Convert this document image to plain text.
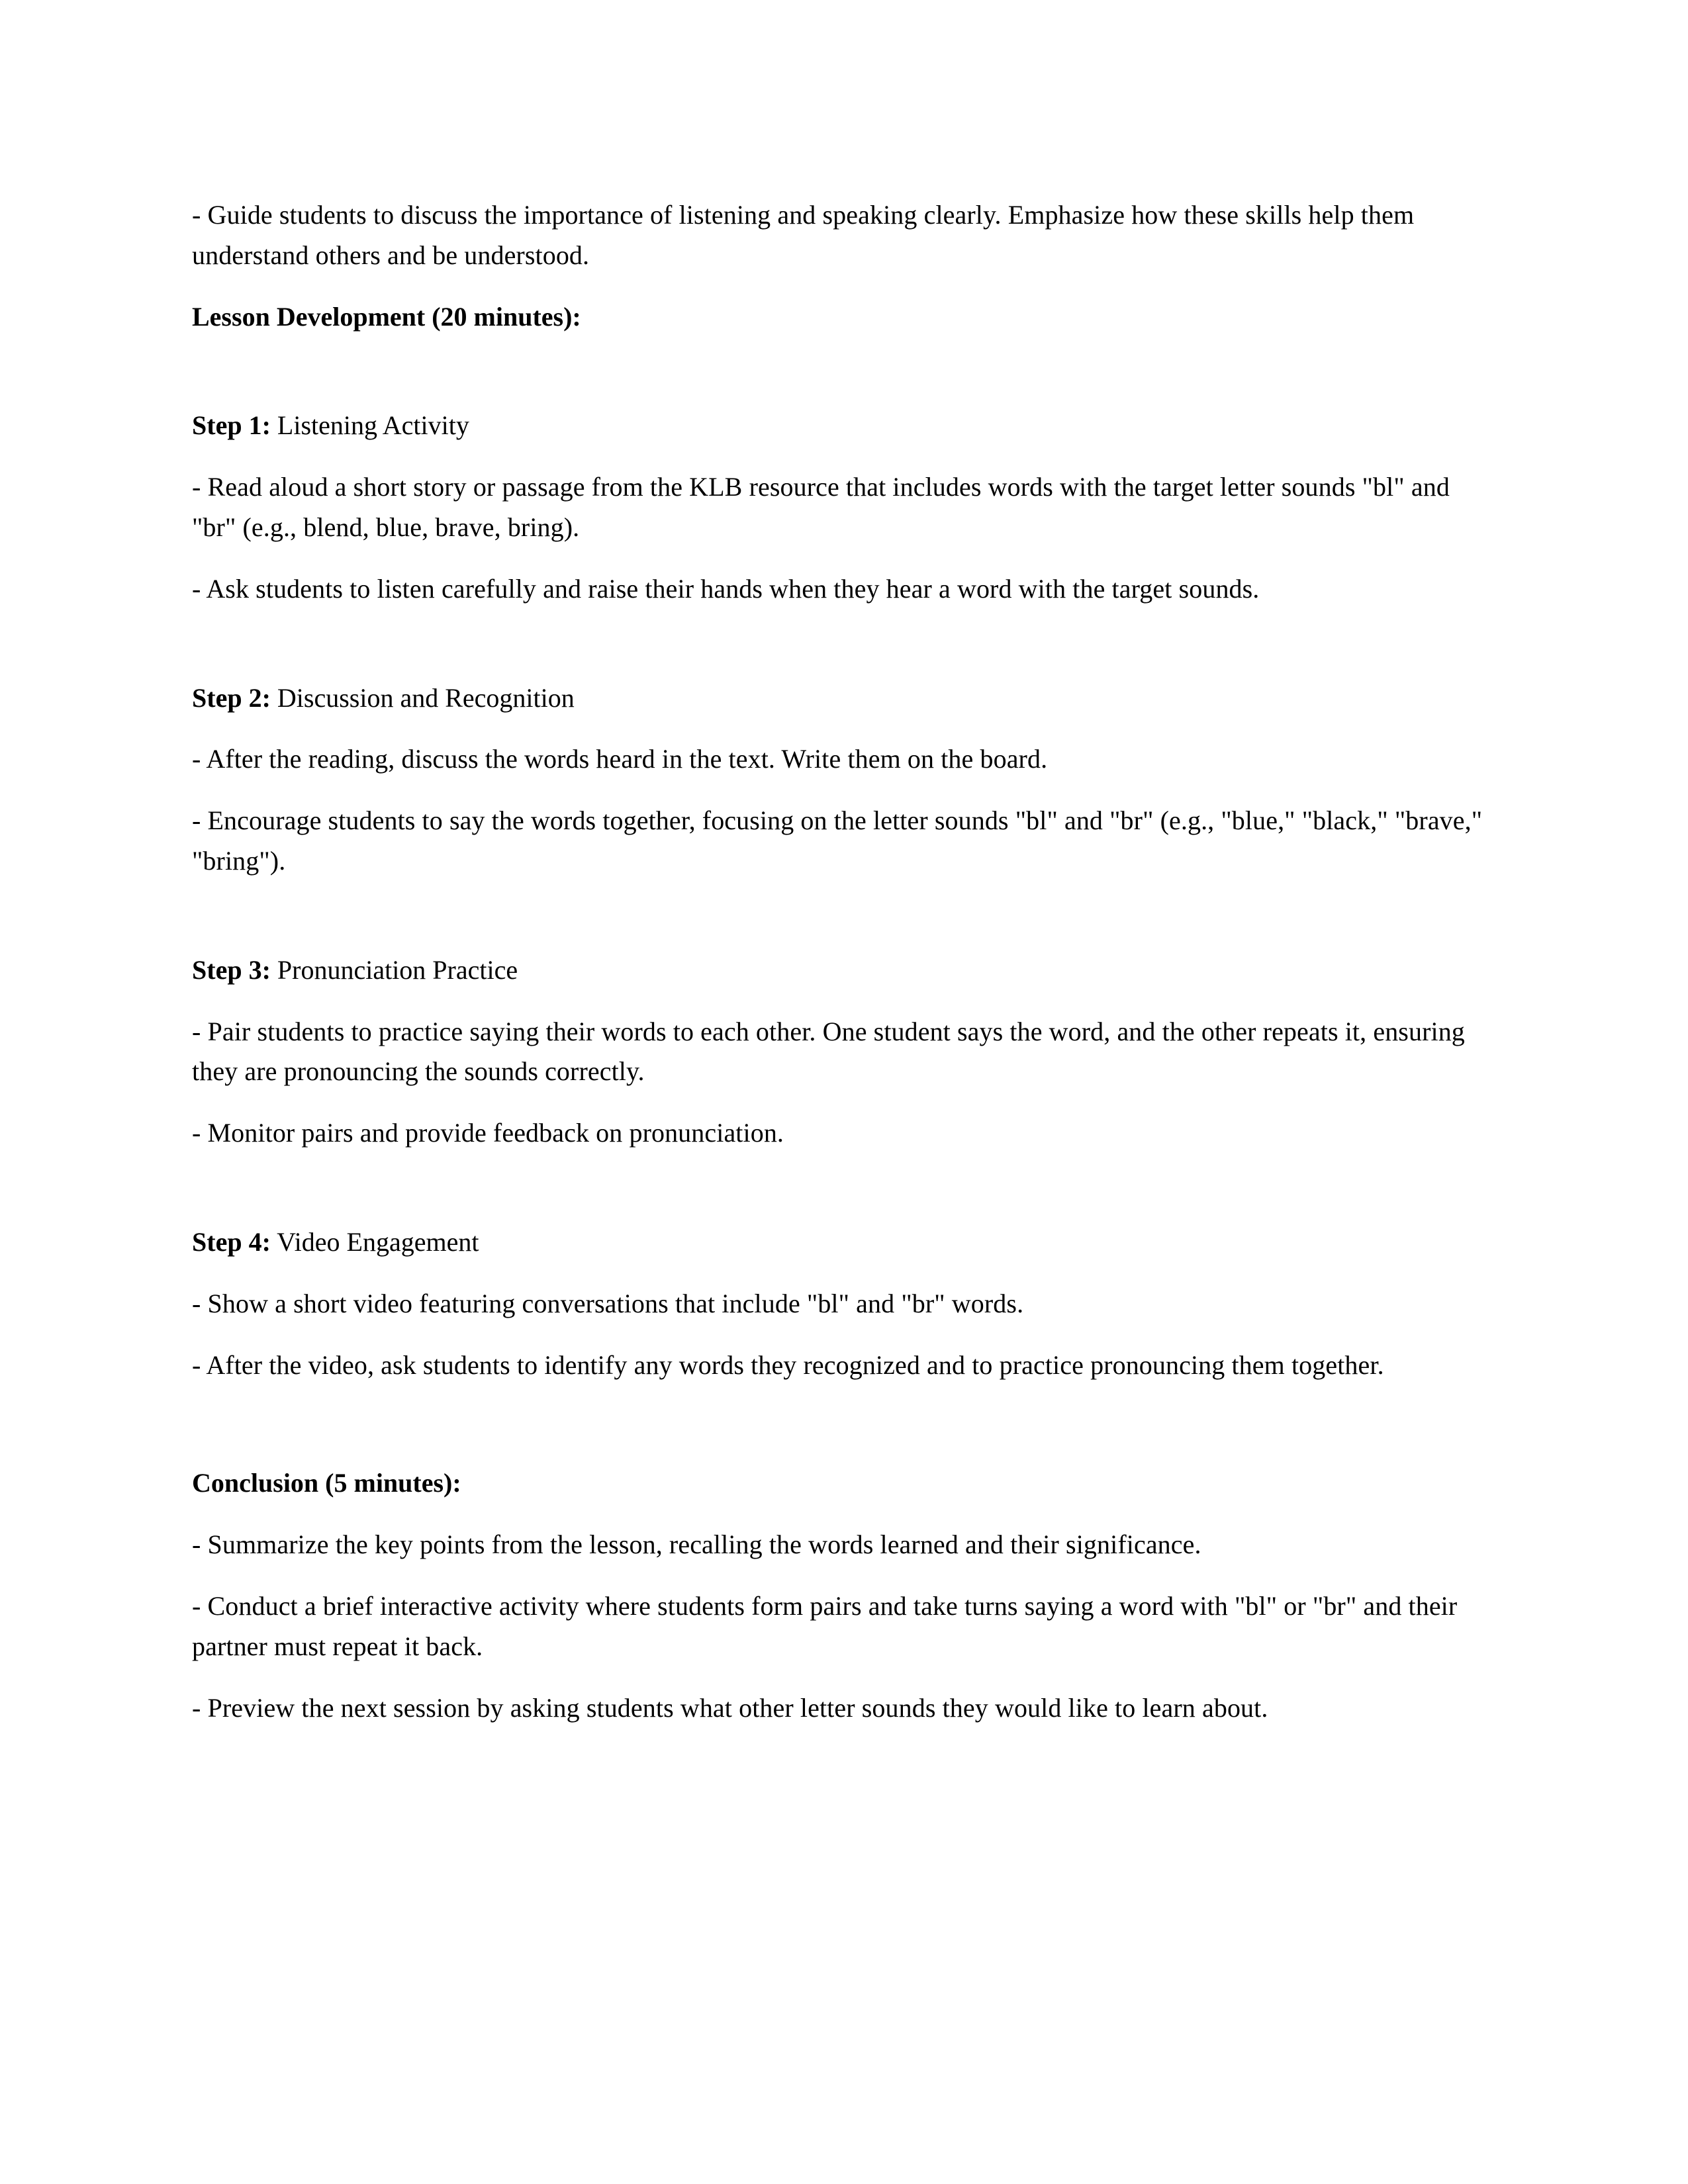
- Guide students to discuss the importance of listening and speaking clearly. Emphasize how these skills help them understand others and be understood.

Lesson Development (20 minutes):

Step 1: Listening Activity

- Read aloud a short story or passage from the KLB resource that includes words with the target letter sounds "bl" and "br" (e.g., blend, blue, brave, bring).

- Ask students to listen carefully and raise their hands when they hear a word with the target sounds.

Step 2: Discussion and Recognition

- After the reading, discuss the words heard in the text. Write them on the board.

- Encourage students to say the words together, focusing on the letter sounds "bl" and "br" (e.g., "blue," "black," "brave," "bring").

Step 3: Pronunciation Practice

- Pair students to practice saying their words to each other. One student says the word, and the other repeats it, ensuring they are pronouncing the sounds correctly.

- Monitor pairs and provide feedback on pronunciation.

Step 4: Video Engagement

- Show a short video featuring conversations that include "bl" and "br" words.

- After the video, ask students to identify any words they recognized and to practice pronouncing them together.

Conclusion (5 minutes):

- Summarize the key points from the lesson, recalling the words learned and their significance.

- Conduct a brief interactive activity where students form pairs and take turns saying a word with "bl" or "br" and their partner must repeat it back.

- Preview the next session by asking students what other letter sounds they would like to learn about.
